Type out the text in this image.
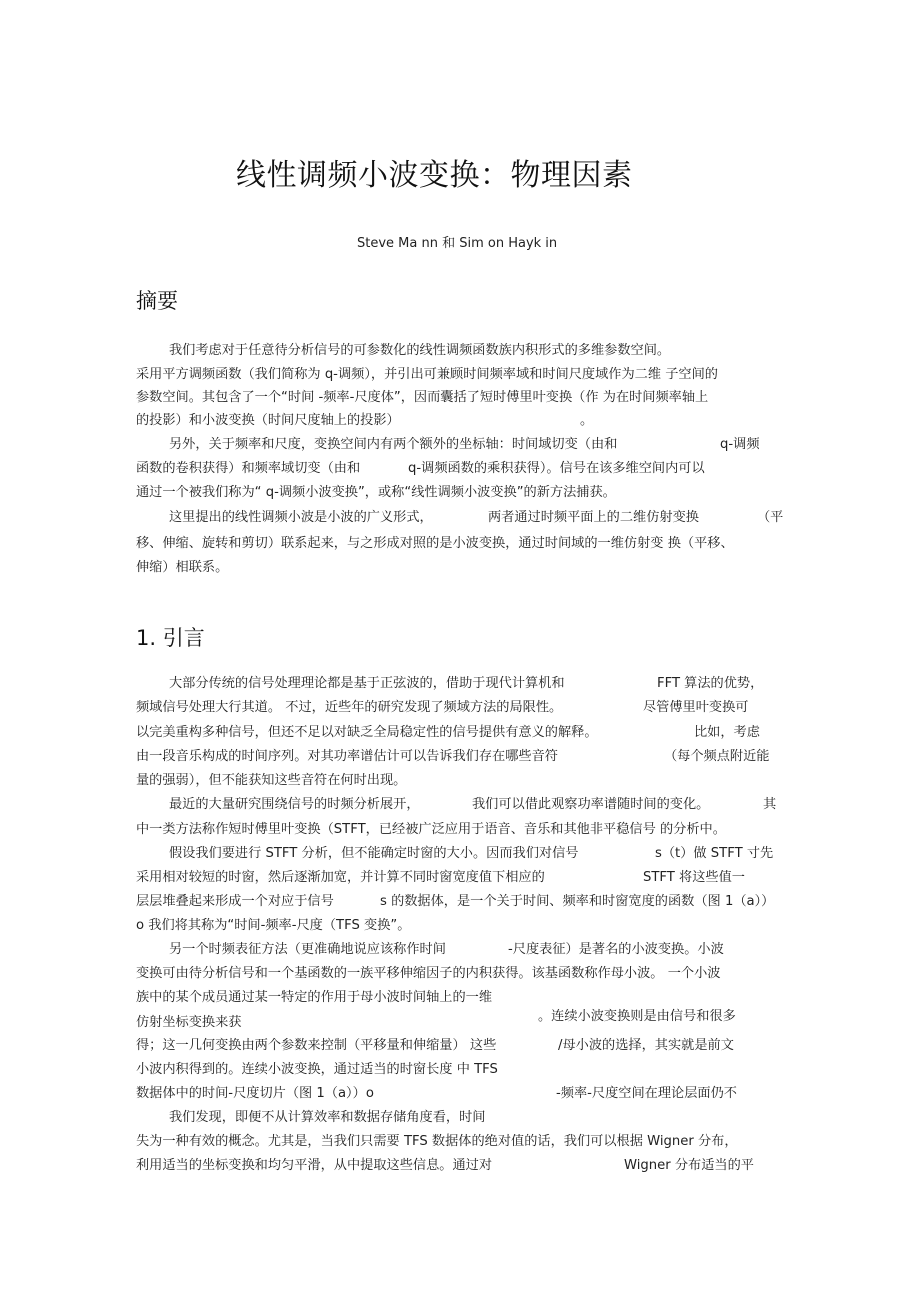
线性调频小波变换：物理因素
Steve Ma nn 和 Sim on Hayk in
摘要
我们考虑对于任意待分析信号的可参数化的线性调频函数族内积形式的多维参数空间。
采用平方调频函数（我们简称为 q-调频），并引出可兼顾时间频率域和时间尺度域作为二维 子空间的
参数空间。其包含了一个“时间 -频率-尺度体”，因而囊括了短时傅里叶变换（作 为在时间频率轴上
的投影）和小波变换（时间尺度轴上的投影）	。
另外，关于频率和尺度，变换空间内有两个额外的坐标轴：时间域切变（由和	q-调频
函数的卷积获得）和频率域切变（由和	q-调频函数的乘积获得）。信号在该多维空间内可以
通过一个被我们称为“ q-调频小波变换”，或称“线性调频小波变换”的新方法捕获。
这里提出的线性调频小波是小波的广义形式，	两者通过时频平面上的二维仿射变换	（平
移、伸缩、旋转和剪切）联系起来，与之形成对照的是小波变换，通过时间域的一维仿射变 换（平移、
伸缩）相联系。
1. 引言
大部分传统的信号处理理论都是基于正弦波的，借助于现代计算机和	FFT 算法的优势，
频域信号处理大行其道。 不过，近些年的研究发现了频域方法的局限性。	尽管傅里叶变换可
以完美重构多种信号，但还不足以对缺乏全局稳定性的信号提供有意义的解释。	比如，考虑
由一段音乐构成的时间序列。对其功率谱估计可以告诉我们存在哪些音符	（每个频点附近能
量的强弱），但不能获知这些音符在何时出现。
最近的大量研究围绕信号的时频分析展开，	我们可以借此观察功率谱随时间的变化。	其
中一类方法称作短时傅里叶变换（STFT，已经被广泛应用于语音、音乐和其他非平稳信号 的分析中。
假设我们要进行 STFT 分析，但不能确定时窗的大小。因而我们对信号	s（t）做 STFT 寸先
采用相对较短的时窗，然后逐渐加宽，并计算不同时窗宽度值下相应的	STFT 将这些值一
层层堆叠起来形成一个对应于信号	s 的数据体，是一个关于时间、频率和时窗宽度的函数（图 1（a））
o 我们将其称为“时间-频率-尺度（TFS 变换”。
另一个时频表征方法（更准确地说应该称作时间	-尺度表征）是著名的小波变换。小波
变换可由待分析信号和一个基函数的一族平移伸缩因子的内积获得。该基函数称作母小波。 一个小波
族中的某个成员通过某一特定的作用于母小波时间轴上的一维
仿射坐标变换来获	。连续小波变换则是由信号和很多
得；这一几何变换由两个参数来控制（平移量和伸缩量） 这些	/母小波的选择，其实就是前文
小波内积得到的。连续小波变换，通过适当的时窗长度 中 TFS
数据体中的时间-尺度切片（图 1（a））o	-频率-尺度空间在理论层面仍不
我们发现，即便不从计算效率和数据存储角度看，时间
失为一种有效的概念。尤其是，当我们只需要 TFS 数据体的绝对值的话，我们可以根据 Wigner 分布，
利用适当的坐标变换和均匀平滑，从中提取这些信息。通过对	Wigner 分布适当的平
